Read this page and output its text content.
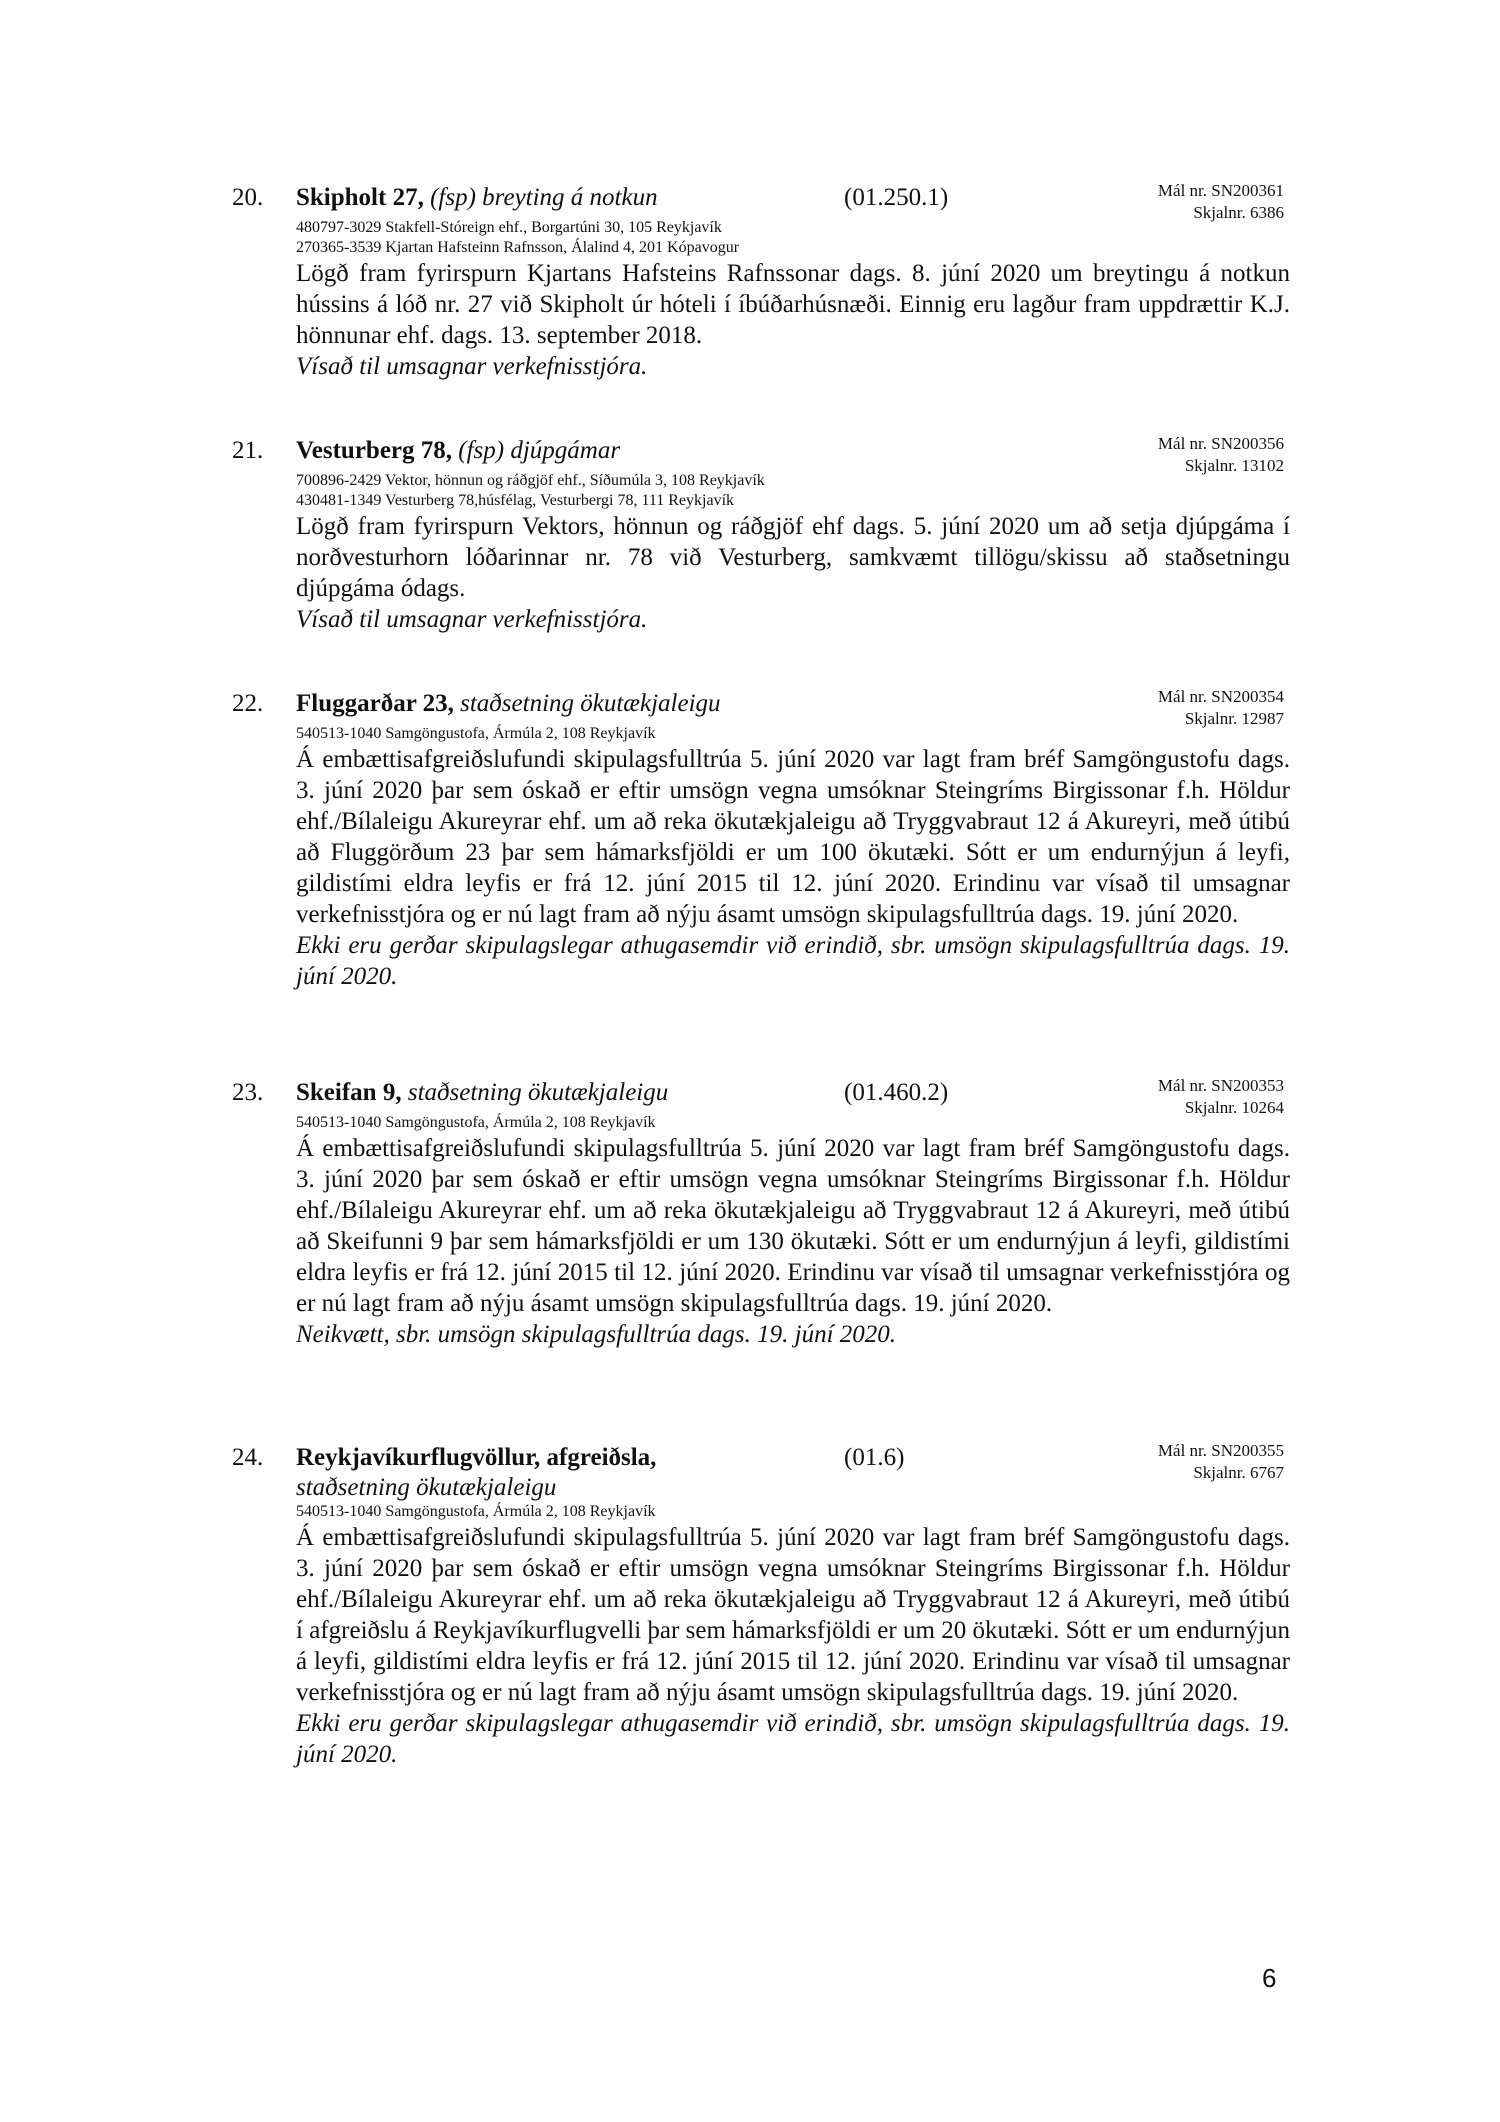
20. Skipholt 27, (fsp) breyting á notkun	(01.250.1)	Mál nr. SN200361
Skjalnr. 6386
480797-3029 Stakfell-Stóreign ehf., Borgartúni 30, 105 Reykjavík
270365-3539 Kjartan Hafsteinn Rafnsson, Álalind 4, 201 Kópavogur
Lögð fram fyrirspurn Kjartans Hafsteins Rafnssonar dags. 8. júní 2020 um breytingu á notkun hússins á lóð nr. 27 við Skipholt úr hóteli í íbúðarhúsnæði. Einnig eru lagður fram uppdrættir K.J. hönnunar ehf. dags. 13. september 2018.
Vísað til umsagnar verkefnisstjóra.
21. Vesturberg 78, (fsp) djúpgámar	Mál nr. SN200356
Skjalnr. 13102
700896-2429 Vektor, hönnun og ráðgjöf ehf., Síðumúla 3, 108 Reykjavík
430481-1349 Vesturberg 78,húsfélag, Vesturbergi 78, 111 Reykjavík
Lögð fram fyrirspurn Vektors, hönnun og ráðgjöf ehf dags. 5. júní 2020 um að setja djúpgáma í norðvesturhorn lóðarinnar nr. 78 við Vesturberg, samkvæmt tillögu/skissu að staðsetningu djúpgáma ódags.
Vísað til umsagnar verkefnisstjóra.
22. Fluggarðar 23, staðsetning ökutækjaleigu	Mál nr. SN200354
Skjalnr. 12987
540513-1040 Samgöngustofa, Ármúla 2, 108 Reykjavík
Á embættisafgreiðslufundi skipulagsfulltrúa 5. júní 2020 var lagt fram bréf Samgöngustofu dags. 3. júní 2020 þar sem óskað er eftir umsögn vegna umsóknar Steingríms Birgissonar f.h. Höldur ehf./Bílaleigu Akureyrar ehf. um að reka ökutækjaleigu að Tryggvabraut 12 á Akureyri, með útibú að Fluggörðum 23 þar sem hámarksfjöldi er um 100 ökutæki. Sótt er um endurnýjun á leyfi, gildistími eldra leyfis er frá 12. júní 2015 til 12. júní 2020. Erindinu var vísað til umsagnar verkefnisstjóra og er nú lagt fram að nýju ásamt umsögn skipulagsfulltrúa dags. 19. júní 2020.
Ekki eru gerðar skipulagslegar athugasemdir við erindið, sbr. umsögn skipulagsfulltrúa dags. 19. júní 2020.
23. Skeifan 9, staðsetning ökutækjaleigu	(01.460.2)	Mál nr. SN200353
Skjalnr. 10264
540513-1040 Samgöngustofa, Ármúla 2, 108 Reykjavík
Á embættisafgreiðslufundi skipulagsfulltrúa 5. júní 2020 var lagt fram bréf Samgöngustofu dags. 3. júní 2020 þar sem óskað er eftir umsögn vegna umsóknar Steingríms Birgissonar f.h. Höldur ehf./Bílaleigu Akureyrar ehf. um að reka ökutækjaleigu að Tryggvabraut 12 á Akureyri, með útibú að Skeifunni 9 þar sem hámarksfjöldi er um 130 ökutæki. Sótt er um endurnýjun á leyfi, gildistími eldra leyfis er frá 12. júní 2015 til 12. júní 2020. Erindinu var vísað til umsagnar verkefnisstjóra og er nú lagt fram að nýju ásamt umsögn skipulagsfulltrúa dags. 19. júní 2020.
Neikvætt, sbr. umsögn skipulagsfulltrúa dags. 19. júní 2020.
24. Reykjavíkurflugvöllur, afgreiðsla,	(01.6)	Mál nr. SN200355
Skjalnr. 6767
staðsetning ökutækjaleigu
540513-1040 Samgöngustofa, Ármúla 2, 108 Reykjavík
Á embættisafgreiðslufundi skipulagsfulltrúa 5. júní 2020 var lagt fram bréf Samgöngustofu dags. 3. júní 2020 þar sem óskað er eftir umsögn vegna umsóknar Steingríms Birgissonar f.h. Höldur ehf./Bílaleigu Akureyrar ehf. um að reka ökutækjaleigu að Tryggvabraut 12 á Akureyri, með útibú í afgreiðslu á Reykjavíkurflugvelli þar sem hámarksfjöldi er um 20 ökutæki. Sótt er um endurnýjun á leyfi, gildistími eldra leyfis er frá 12. júní 2015 til 12. júní 2020. Erindinu var vísað til umsagnar verkefnisstjóra og er nú lagt fram að nýju ásamt umsögn skipulagsfulltrúa dags. 19. júní 2020.
Ekki eru gerðar skipulagslegar athugasemdir við erindið, sbr. umsögn skipulagsfulltrúa dags. 19. júní 2020.
6
